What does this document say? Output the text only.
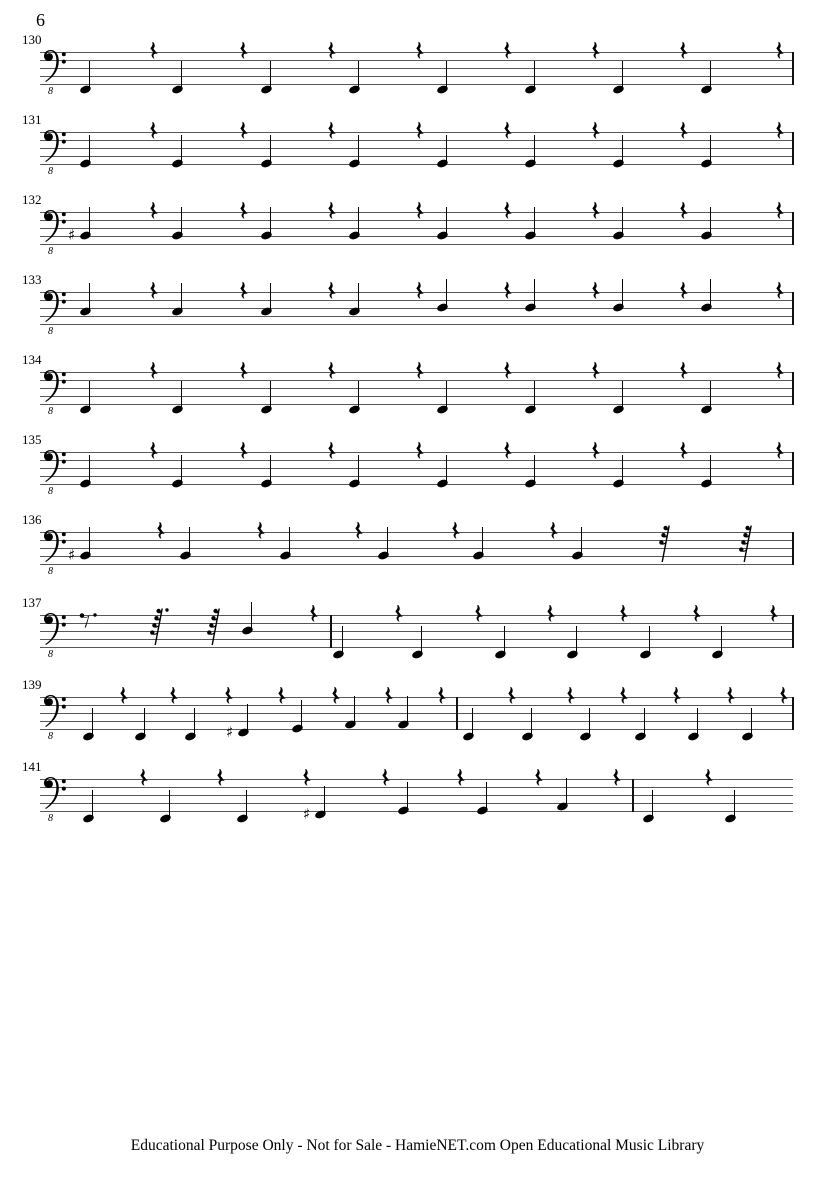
6
130
8
131
8
132
8
♯
133
8
134
8
135
8
136
8
♯
137
8
139
8	♯
141
8	♯
Educational Purpose Only - Not for Sale - HamieNET.com Open Educational Music Library
